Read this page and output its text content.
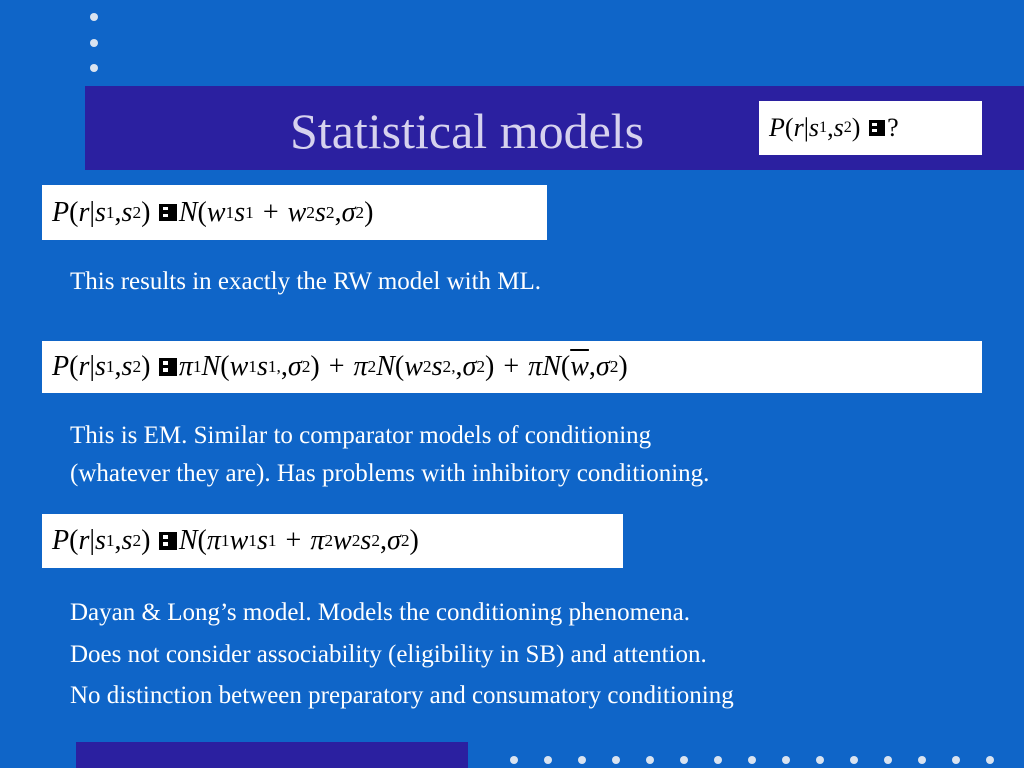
Statistical models	P ( r | s 1 , s 2 ) ?
P ( r | s 1 , s 2 ) N ( w 1 s 1 + w 2 s 2 , σ 2 )
This results in exactly the RW model with ML.
P ( r | s 1 , s 2 ) π 1 N ( w 1 s 1, , σ 2 ) + π 2 N ( w 2 s 2, , σ 2 ) + πN ( $\overline{w}$ , σ 2 )
This is EM. Similar to comparator models of conditioning
(whatever they are). Has problems with inhibitory conditioning.
P ( r | s 1 , s 2 ) N ( π 1 w 1 s 1 + π 2 w 2 s 2 , σ 2 )
Dayan & Long’s model. Models the conditioning phenomena.
Does not consider associability (eligibility in SB) and attention.
No distinction between preparatory and consumatory conditioning
